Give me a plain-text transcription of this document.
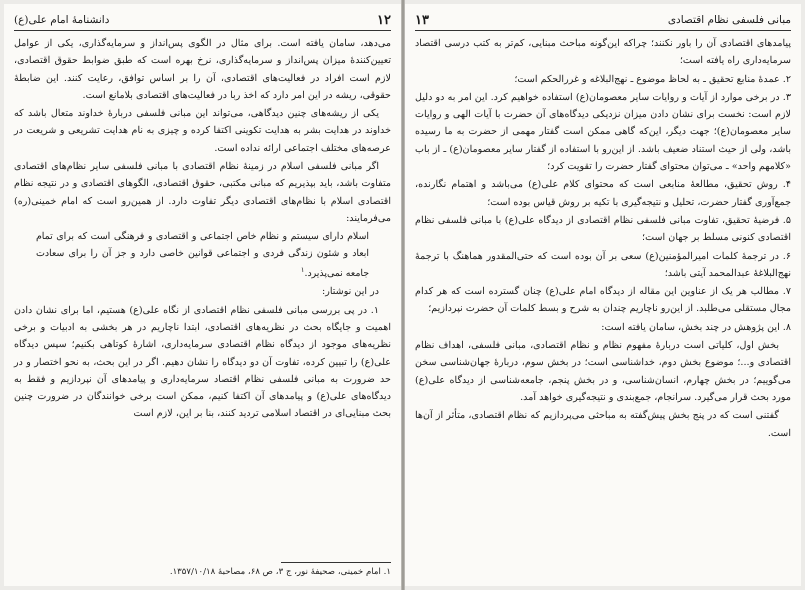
دانشنامهٔ امام علی(ع)	۱۲

می‌دهد، سامان یافته است. برای مثال در الگوی پس‌انداز و سرمایه‌گذاری، یکی از عوامل تعیین‌کنندهٔ میزان پس‌انداز و سرمایه‌گذاری، نرخ بهره است که طبق ضوابط حقوق اقتصادی، لازم است افراد در فعالیت‌های اقتصادی، آن را بر اساس توافق، رعایت کنند. این ضابطهٔ حقوقی، ریشه در این امر دارد که اخذ ربا در فعالیت‌های اقتصادی بلامانع است.

یکی از ریشه‌های چنین دیدگاهی، می‌تواند این مبانی فلسفی دربارهٔ خداوند متعال باشد که خداوند در هدایت بشر به هدایت تکوینی اکتفا کرده و چیزی به نام هدایت تشریعی و شریعت در عرصه‌های مختلف اجتماعی ارائه نداده است.

اگر مبانی فلسفی اسلام در زمینهٔ نظام اقتصادی با مبانی فلسفی سایر نظام‌های اقتصادی متفاوت باشد، باید بپذیریم که مبانی مکتبی، حقوق اقتصادی، الگوهای اقتصادی و در نتیجه نظام اقتصادی اسلام با نظام‌های اقتصادی دیگر تفاوت دارد. از همین‌رو است که امام خمینی(ره) می‌فرمایند:

اسلام دارای سیستم و نظام خاص اجتماعی و اقتصادی و فرهنگی است که برای تمام ابعاد و شئون زندگی فردی و اجتماعی قوانین خاصی دارد و جز آن را برای سعادت جامعه نمی‌پذیرد.$^۱$

در این نوشتار:

۱. در پی بررسی مبانی فلسفی نظام اقتصادی از نگاه علی(ع) هستیم، اما برای نشان دادن اهمیت و جایگاه بحث در نظریه‌های اقتصادی، ابتدا ناچاریم در هر بخشی به ادبیات و برخی نظریه‌های موجود از دیدگاه نظام اقتصادی سرمایه‌داری، اشارهٔ کوتاهی بکنیم؛ سپس دیدگاه علی(ع) را تبیین کرده، تفاوت آن دو دیدگاه را نشان دهیم. اگر در این بحث، به نحو اختصار و در حد ضرورت به مبانی فلسفی نظام اقتصاد سرمایه‌داری و پیامدهای آن نپردازیم و فقط به دیدگاه‌های علی(ع) و پیامدهای آن اکتفا کنیم، ممکن است برخی خوانندگان در ضرورت چنین بحث مبنایی‌ای در اقتصاد اسلامی تردید کنند، بنا بر این، لازم است

۱. امام خمینی، صحیفهٔ نور، ج ۳، ص ۶۸، مصاحبهٔ ۱۳۵۷/۱۰/۱۸.
۱۳	مبانی فلسفی نظام اقتصادی

پیامدهای اقتصادی آن را باور نکنند؛ چراکه این‌گونه مباحث مبنایی، کم‌تر به کتب درسی اقتصاد سرمایه‌داری راه یافته است؛

۲. عمدهٔ منابع تحقیق ـ به لحاظ موضوع ـ نهج‌البلاغه و غررالحکم است؛

۳. در برخی موارد از آیات و روایات سایر معصومان(ع) استفاده خواهیم کرد. این امر به دو دلیل لازم است: نخست برای نشان دادن میزان نزدیکی دیدگاه‌های آن حضرت با آیات الهی و روایات سایر معصومان(ع)؛ جهت دیگر، این‌که گاهی ممکن است گفتار مهمی از حضرت به ما رسیده باشد، ولی از حیث استناد ضعیف باشد. از این‌رو با استفاده از گفتار سایر معصومان(ع) ـ از باب «کلامهم واحد» ـ می‌توان محتوای گفتار حضرت را تقویت کرد؛

۴. روش تحقیق، مطالعهٔ منابعی است که محتوای کلام علی(ع) می‌باشد و اهتمام نگارنده، جمع‌آوری گفتار حضرت، تحلیل و نتیجه‌گیری با تکیه بر روش قیاس بوده است؛

۵. فرضیهٔ تحقیق، تفاوت مبانی فلسفی نظام اقتصادی از دیدگاه علی(ع) با مبانی فلسفی نظام اقتصادی کنونی مسلط بر جهان است؛

۶. در ترجمهٔ کلمات امیرالمؤمنین(ع) سعی بر آن بوده است که حتی‌المقدور هماهنگ با ترجمهٔ نهج‌البلاغهٔ عبدالمحمد آیتی باشد؛

۷. مطالب هر یک از عناوین این مقاله از دیدگاه امام علی(ع) چنان گسترده است که هر کدام مجال مستقلی می‌طلبد. از این‌رو ناچاریم چندان به شرح و بسط کلمات آن حضرت نپردازیم؛

۸. این پژوهش در چند بخش، سامان یافته است:

بخش اول، کلیاتی است دربارهٔ مفهوم نظام و نظام اقتصادی، مبانی فلسفی، اهداف نظام اقتصادی و...؛ موضوع بخش دوم، خداشناسی است؛ در بخش سوم، دربارهٔ جهان‌شناسی سخن می‌گوییم؛ در بخش چهارم، انسان‌شناسی، و در بخش پنجم، جامعه‌شناسی از دیدگاه علی(ع) مورد بحث قرار می‌گیرد. سرانجام، جمع‌بندی و نتیجه‌گیری خواهد آمد.

گفتنی است که در پنج بخش پیش‌گفته به مباحثی می‌پردازیم که نظام اقتصادی، متأثر از آن‌ها است.
